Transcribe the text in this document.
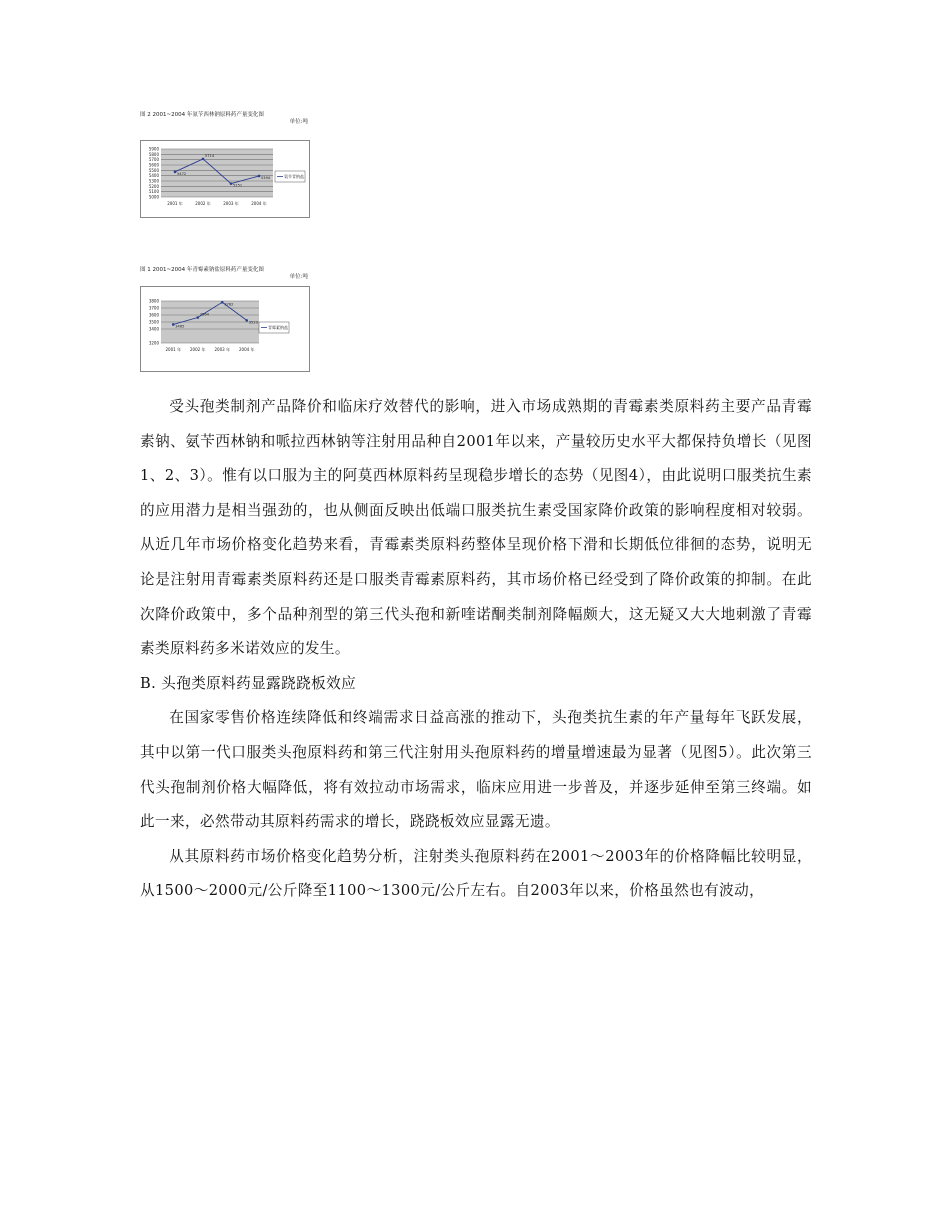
图 2 2001~2004 年氨苄西林钠原料药产量变化图
单位:吨
5000
5100
5200
5300
5400
5500
5600
5700
5800
5900
2001 年	2002 年	2003 年	2004 年
5472
5714
5251
5394	氨苄青钠盐
图 1 2001~2004 年青霉素钠盐原料药产量变化图
单位:吨
3200
3400
3500
3600
3700
3800
2001 年 2002 年 2003 年 2004 年
3465
3564
3782
3523
青霉素钠盐

受头孢类制剂产品降价和临床疗效替代的影响，进入市场成熟期的青霉素类原料药主要产品青霉素钠、氨苄西林钠和哌拉西林钠等注射用品种自2001年以来，产量较历史水平大都保持负增长（见图1、2、3）。惟有以口服为主的阿莫西林原料药呈现稳步增长的态势（见图4），由此说明口服类抗生素的应用潜力是相当强劲的，也从侧面反映出低端口服类抗生素受国家降价政策的影响程度相对较弱。从近几年市场价格变化趋势来看，青霉素类原料药整体呈现价格下滑和长期低位徘徊的态势，说明无论是注射用青霉素类原料药还是口服类青霉素原料药，其市场价格已经受到了降价政策的抑制。在此次降价政策中，多个品种剂型的第三代头孢和新喹诺酮类制剂降幅颇大，这无疑又大大地刺激了青霉素类原料药多米诺效应的发生。

B. 头孢类原料药显露跷跷板效应

在国家零售价格连续降低和终端需求日益高涨的推动下，头孢类抗生素的年产量每年飞跃发展，其中以第一代口服类头孢原料药和第三代注射用头孢原料药的增量增速最为显著（见图5）。此次第三代头孢制剂价格大幅降低，将有效拉动市场需求，临床应用进一步普及，并逐步延伸至第三终端。如此一来，必然带动其原料药需求的增长，跷跷板效应显露无遗。

从其原料药市场价格变化趋势分析，注射类头孢原料药在2001～2003年的价格降幅比较明显，从1500～2000元/公斤降至1100～1300元/公斤左右。自2003年以来，价格虽然也有波动，
